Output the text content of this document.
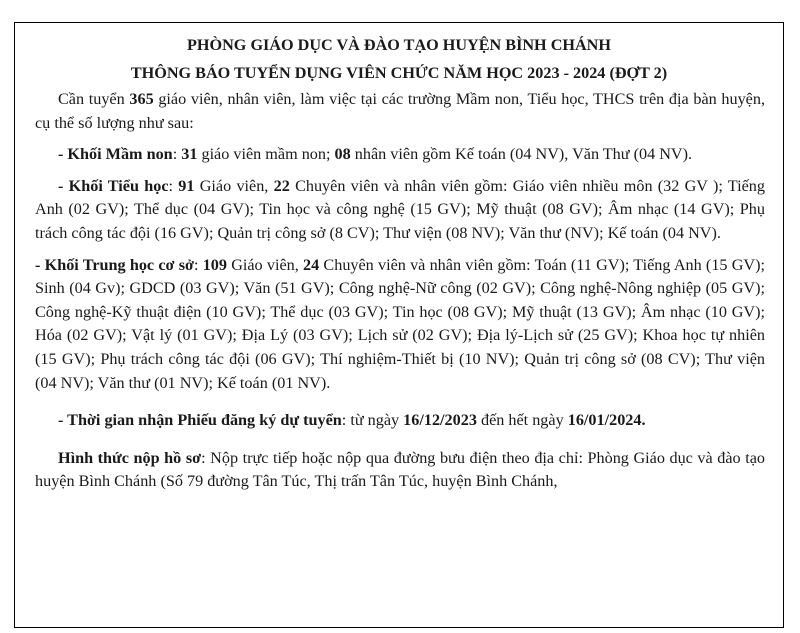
PHÒNG GIÁO DỤC VÀ ĐÀO TẠO HUYỆN BÌNH CHÁNH

THÔNG BÁO TUYỂN DỤNG VIÊN CHỨC NĂM HỌC 2023 - 2024 (ĐỢT 2)

Cần tuyển 365 giáo viên, nhân viên, làm việc tại các trường Mầm non, Tiểu học, THCS trên địa bàn huyện, cụ thể số lượng như sau:

- Khối Mầm non: 31 giáo viên mầm non; 08 nhân viên gồm Kế toán (04 NV), Văn Thư (04 NV).

- Khối Tiểu học: 91 Giáo viên, 22 Chuyên viên và nhân viên gồm: Giáo viên nhiều môn (32 GV ); Tiếng Anh (02 GV); Thể dục (04 GV); Tin học và công nghệ (15 GV); Mỹ thuật (08 GV); Âm nhạc (14 GV); Phụ trách công tác đội (16 GV); Quản trị công sở (8 CV); Thư viện (08 NV); Văn thư (NV); Kế toán (04 NV).

- Khối Trung học cơ sở: 109 Giáo viên, 24 Chuyên viên và nhân viên gồm: Toán (11 GV); Tiếng Anh (15 GV); Sinh (04 Gv); GDCD (03 GV); Văn (51 GV); Công nghệ-Nữ công (02 GV); Công nghệ-Nông nghiệp (05 GV); Công nghệ-Kỹ thuật điện (10 GV); Thể dục (03 GV); Tin học (08 GV); Mỹ thuật (13 GV); Âm nhạc (10 GV); Hóa (02 GV); Vật lý (01 GV); Địa Lý (03 GV); Lịch sử (02 GV); Địa lý-Lịch sử (25 GV); Khoa học tự nhiên (15 GV); Phụ trách công tác đội (06 GV); Thí nghiệm-Thiết bị (10 NV); Quản trị công sở (08 CV); Thư viện (04 NV); Văn thư (01 NV); Kế toán (01 NV).

- Thời gian nhận Phiếu đăng ký dự tuyển: từ ngày 16/12/2023 đến hết ngày 16/01/2024.

Hình thức nộp hồ sơ: Nộp trực tiếp hoặc nộp qua đường bưu điện theo địa chỉ: Phòng Giáo dục và đào tạo huyện Bình Chánh (Số 79 đường Tân Túc, Thị trấn Tân Túc, huyện Bình Chánh,
